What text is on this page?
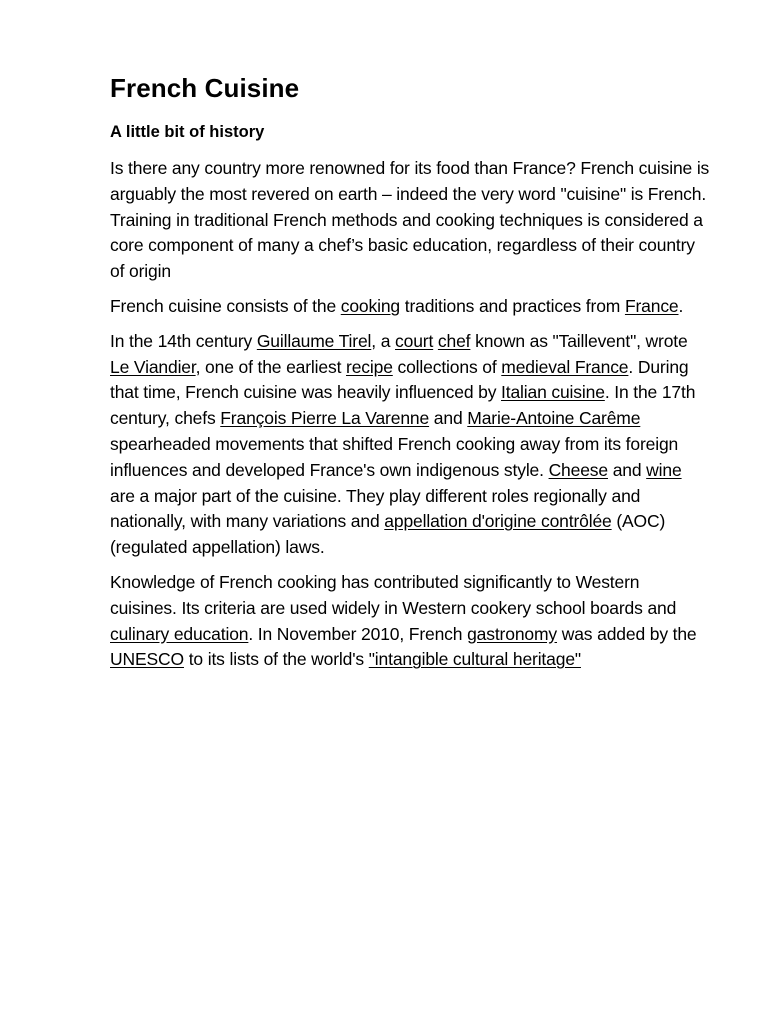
French Cuisine
A little bit of history

Is there any country more renowned for its food than France? French cuisine is arguably the most revered on earth – indeed the very word "cuisine" is French. Training in traditional French methods and cooking techniques is considered a core component of many a chef’s basic education, regardless of their country of origin

French cuisine consists of the cooking traditions and practices from France.

In the 14th century Guillaume Tirel, a court chef known as "Taillevent", wrote Le Viandier, one of the earliest recipe collections of medieval France. During that time, French cuisine was heavily influenced by Italian cuisine. In the 17th century, chefs François Pierre La Varenne and Marie-Antoine Carême spearheaded movements that shifted French cooking away from its foreign influences and developed France's own indigenous style. Cheese and wine are a major part of the cuisine. They play different roles regionally and nationally, with many variations and appellation d'origine contrôlée (AOC) (regulated appellation) laws.

Knowledge of French cooking has contributed significantly to Western cuisines. Its criteria are used widely in Western cookery school boards and culinary education. In November 2010, French gastronomy was added by the UNESCO to its lists of the world's "intangible cultural heritage"
